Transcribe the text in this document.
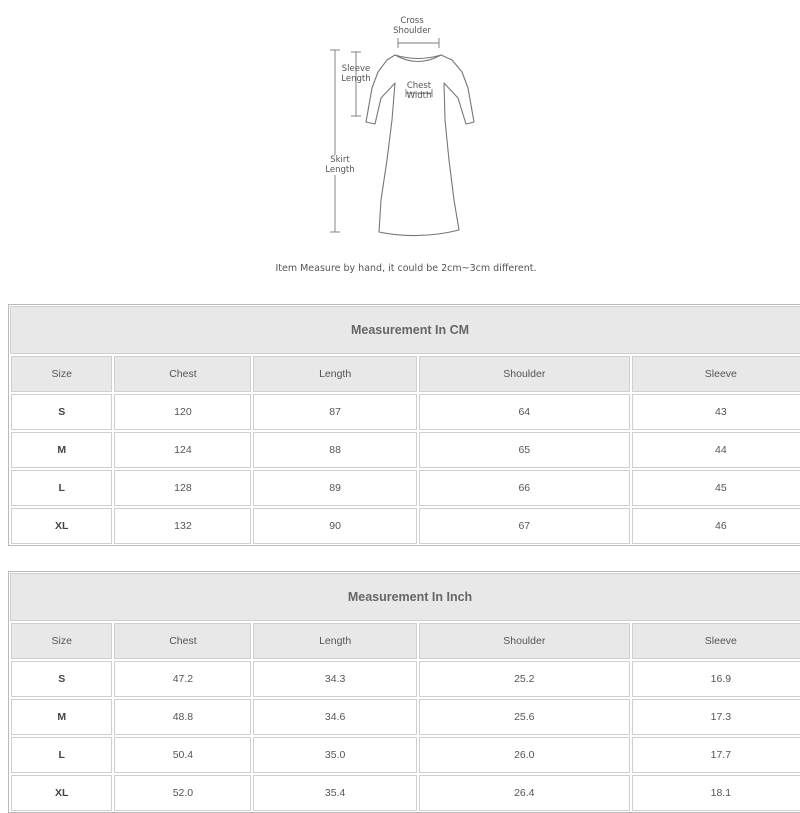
Cross
Shoulder
Sleeve
Length
Chest
Width
Skirt
Length
Item Measure by hand, it could be 2cm~3cm different.
Measurement In CM
Size	Chest	Length	Shoulder	Sleeve
S	120	87	64	43
M	124	88	65	44
L	128	89	66	45
XL	132	90	67	46
Measurement In Inch
Size	Chest	Length	Shoulder	Sleeve
S	47.2	34.3	25.2	16.9
M	48.8	34.6	25.6	17.3
L	50.4	35.0	26.0	17.7
XL	52.0	35.4	26.4	18.1
